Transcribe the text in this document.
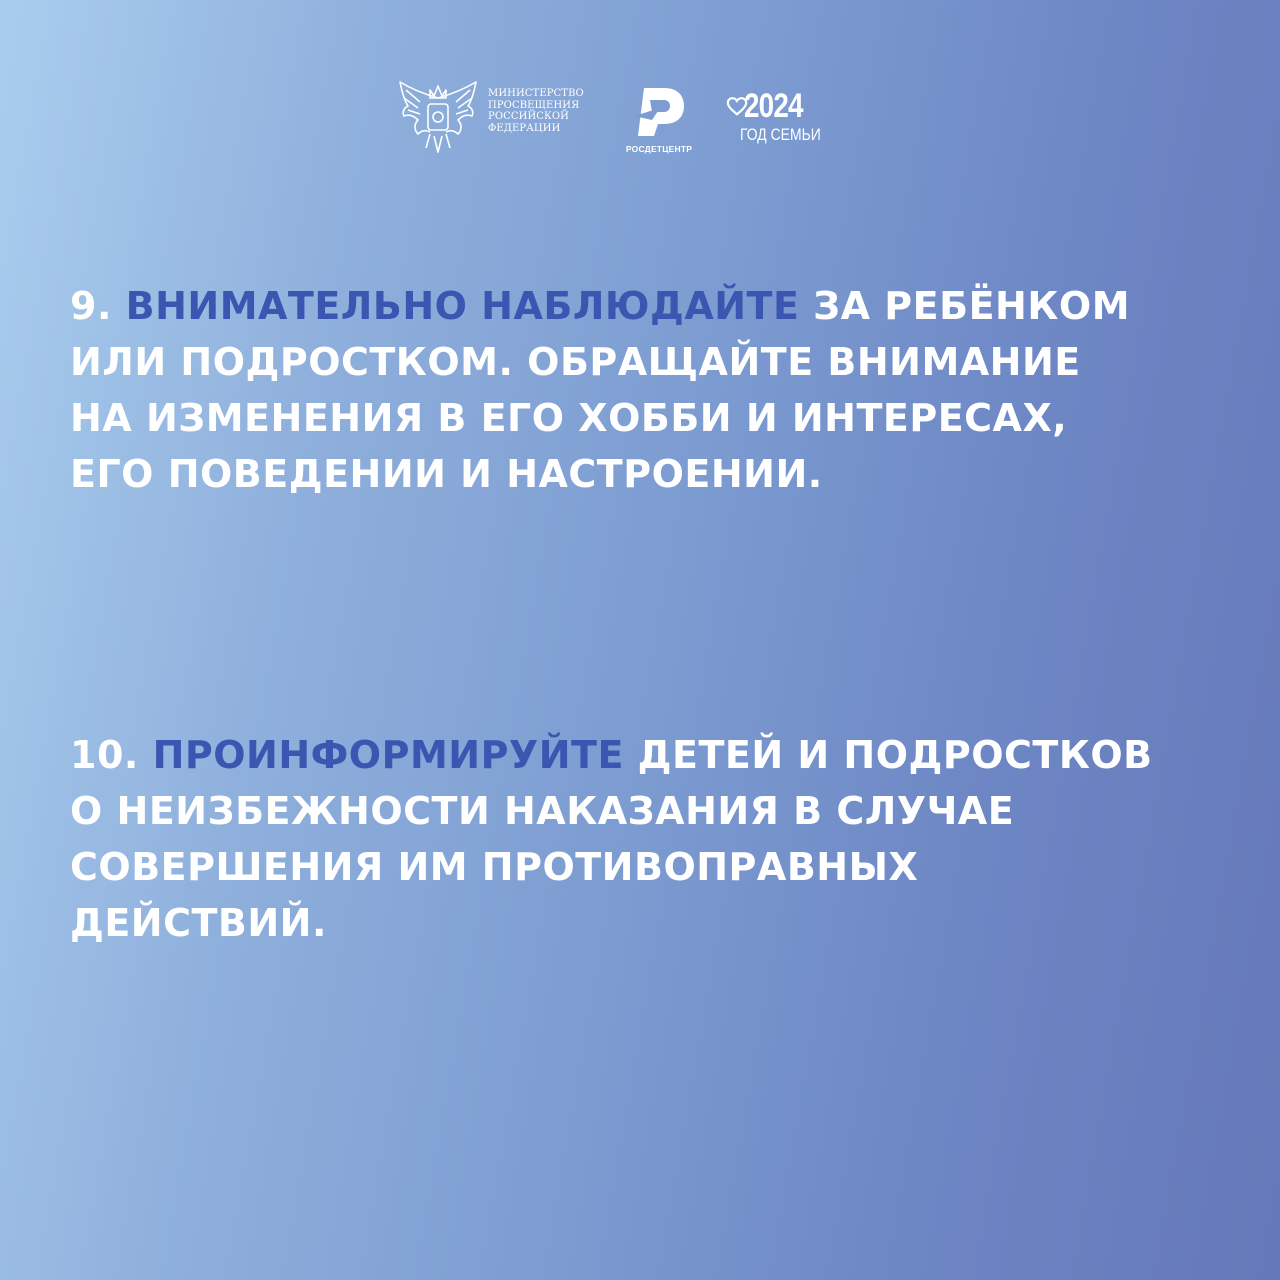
МИНИСТЕРСТВО
ПРОСВЕЩЕНИЯ
РОССИЙСКОЙ
ФЕДЕРАЦИИ
РОСДЕТЦЕНТР
2024
ГОД СЕМЬИ
9. ВНИМАТЕЛЬНО НАБЛЮДАЙТЕ ЗА РЕБЁНКОМ
ИЛИ ПОДРОСТКОМ. ОБРАЩАЙТЕ ВНИМАНИЕ
НА ИЗМЕНЕНИЯ В ЕГО ХОББИ И ИНТЕРЕСАХ,
ЕГО ПОВЕДЕНИИ И НАСТРОЕНИИ.
10. ПРОИНФОРМИРУЙТЕ ДЕТЕЙ И ПОДРОСТКОВ
О НЕИЗБЕЖНОСТИ НАКАЗАНИЯ В СЛУЧАЕ
СОВЕРШЕНИЯ ИМ ПРОТИВОПРАВНЫХ
ДЕЙСТВИЙ.
